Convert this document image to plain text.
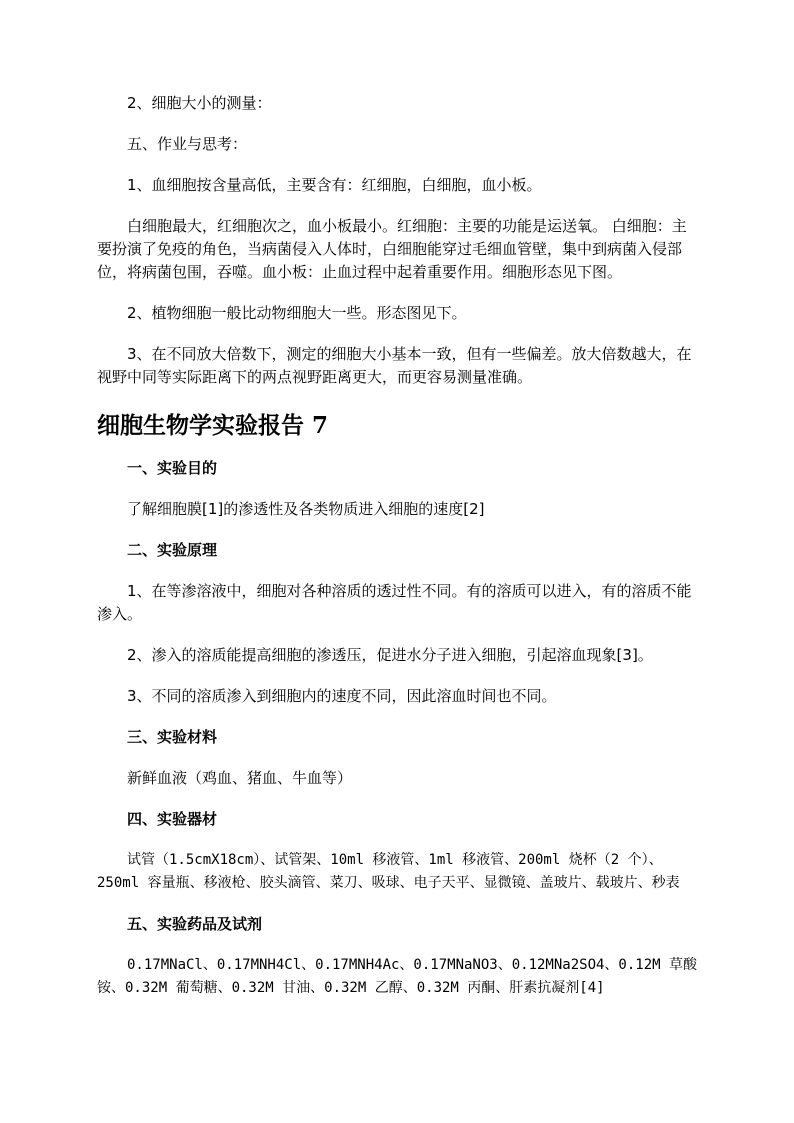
2、细胞大小的测量：

五、作业与思考：

1、血细胞按含量高低，主要含有：红细胞，白细胞，血小板。

白细胞最大，红细胞次之，血小板最小。红细胞：主要的功能是运送氧。 白细胞：主要扮演了免疫的角色，当病菌侵入人体时，白细胞能穿过毛细血管壁，集中到病菌入侵部位，将病菌包围，吞噬。血小板：止血过程中起着重要作用。细胞形态见下图。

2、植物细胞一般比动物细胞大一些。形态图见下。

3、在不同放大倍数下，测定的细胞大小基本一致，但有一些偏差。放大倍数越大，在视野中同等实际距离下的两点视野距离更大，而更容易测量准确。

细胞生物学实验报告 7
一、实验目的

了解细胞膜[1]的渗透性及各类物质进入细胞的速度[2]

二、实验原理

1、在等渗溶液中，细胞对各种溶质的透过性不同。有的溶质可以进入，有的溶质不能渗入。

2、渗入的溶质能提高细胞的渗透压，促进水分子进入细胞，引起溶血现象[3]。

3、不同的溶质渗入到细胞内的速度不同，因此溶血时间也不同。

三、实验材料

新鲜血液（鸡血、猪血、牛血等）

四、实验器材

试管（1.5cmX18cm）、试管架、10ml 移液管、1ml 移液管、200ml 烧杯（2 个）、250ml 容量瓶、移液枪、胶头滴管、菜刀、吸球、电子天平、显微镜、盖玻片、载玻片、秒表

五、实验药品及试剂

0.17MNaCl、0.17MNH4Cl、0.17MNH4Ac、0.17MNaNO3、0.12MNa2SO4、0.12M 草酸铵、0.32M 葡萄糖、0.32M 甘油、0.32M 乙醇、0.32M 丙酮、肝素抗凝剂[4]
